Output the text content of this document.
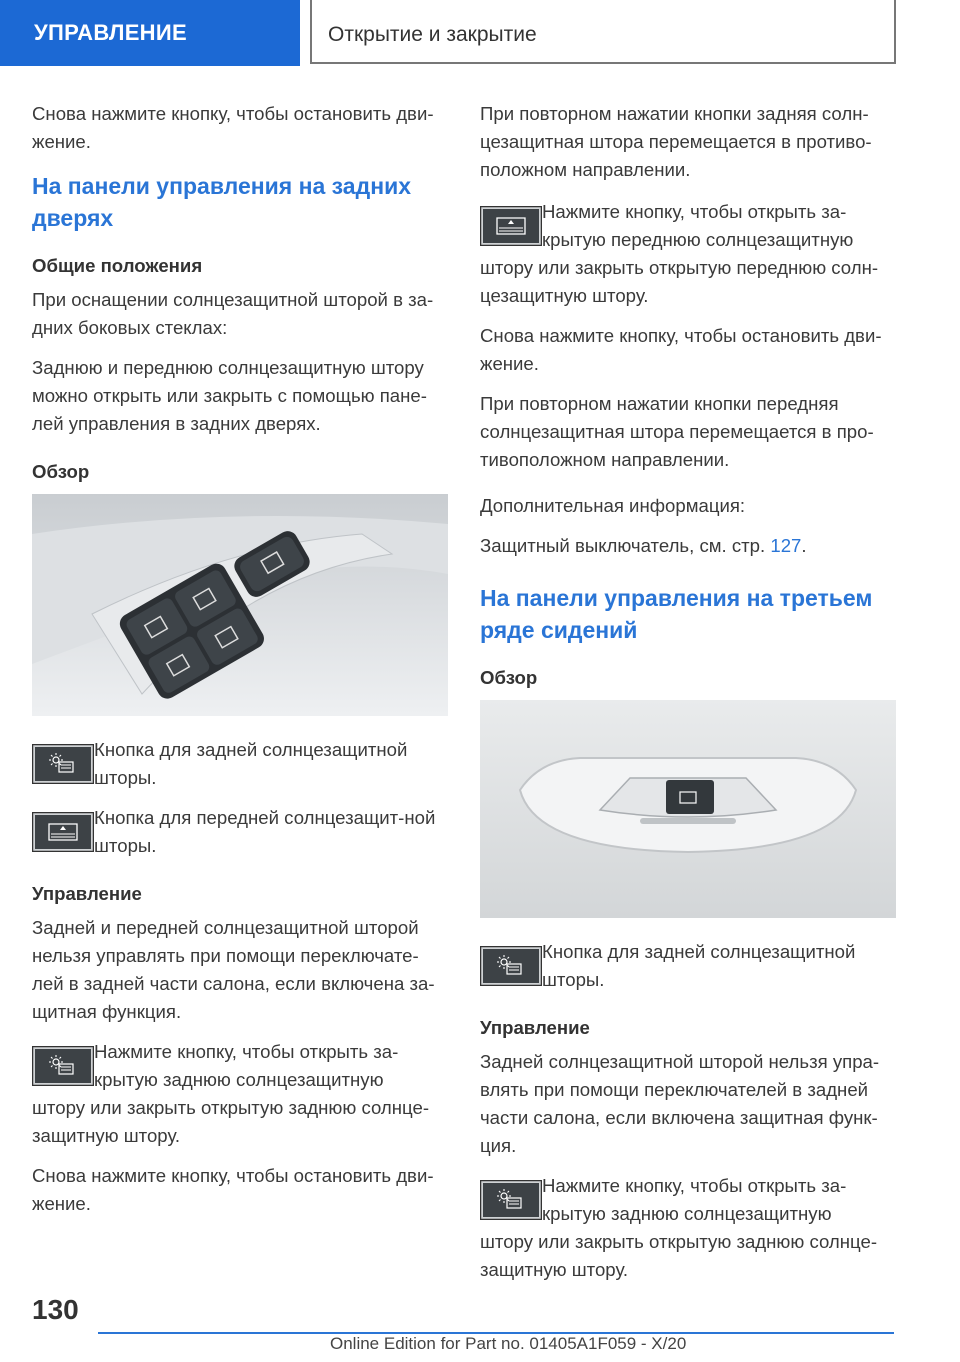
УПРАВЛЕНИЕ	Открытие и закрытие

Снова нажмите кнопку, чтобы остановить дви-жение.

На панели управления на задних дверях
Общие положения

При оснащении солнцезащитной шторой в за-дних боковых стеклах:

Заднюю и переднюю солнцезащитную штору можно открыть или закрыть с помощью пане-лей управления в задних дверях.

Обзор

Кнопка для задней солнцезащитной шторы.

Кнопка для передней солнцезащит-ной шторы.

Управление

Задней и передней солнцезащитной шторой нельзя управлять при помощи переключате-лей в задней части салона, если включена за-щитная функция.

Нажмите кнопку, чтобы открыть за-крытую заднюю солнцезащитную

штору или закрыть открытую заднюю солнце-защитную штору.

Снова нажмите кнопку, чтобы остановить дви-жение.

При повторном нажатии кнопки задняя солн-цезащитная штора перемещается в противо-положном направлении.

Нажмите кнопку, чтобы открыть за-крытую переднюю солнцезащитную

штору или закрыть открытую переднюю солн-цезащитную штору.

Снова нажмите кнопку, чтобы остановить дви-жение.

При повторном нажатии кнопки передняя солнцезащитная штора перемещается в про-тивоположном направлении.

Дополнительная информация:

Защитный выключатель, см. стр. 127.

На панели управления на третьем ряде сидений
Обзор

Кнопка для задней солнцезащитной шторы.

Управление

Задней солнцезащитной шторой нельзя упра-влять при помощи переключателей в задней части салона, если включена защитная функ-ция.

Нажмите кнопку, чтобы открыть за-крытую заднюю солнцезащитную

штору или закрыть открытую заднюю солнце-защитную штору.

130
Online Edition for Part no. 01405A1F059 - X/20
